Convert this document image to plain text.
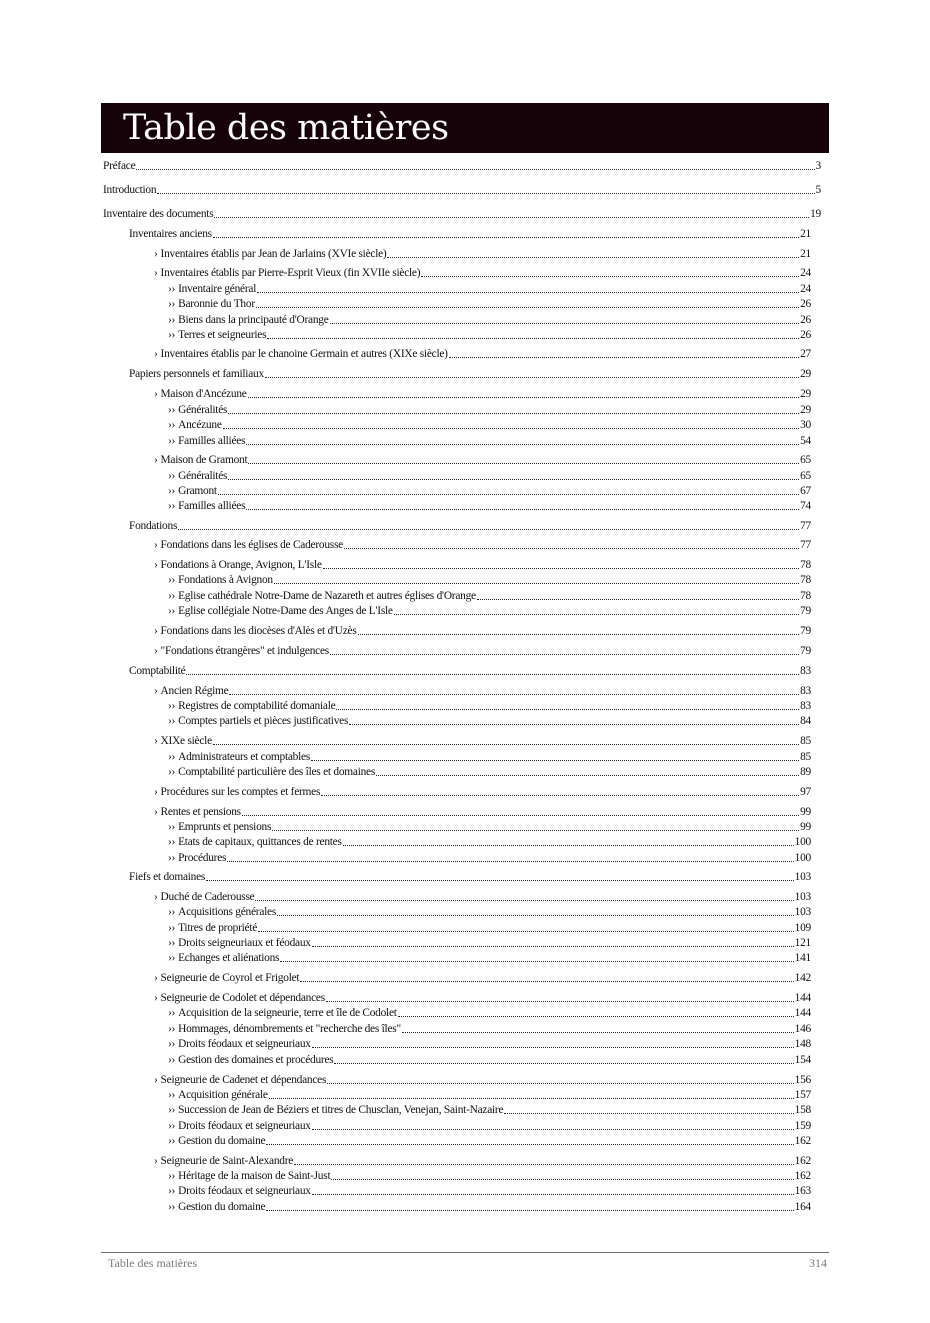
Table des matières
Préface	3
Introduction	5
Inventaire des documents	19
Inventaires anciens	21
› Inventaires établis par Jean de Jarlains (XVIe siècle)	21
› Inventaires établis par Pierre-Esprit Vieux (fin XVIIe siècle)	24
›› Inventaire général	24
›› Baronnie du Thor	26
›› Biens dans la principauté d'Orange	26
›› Terres et seigneuries	26
› Inventaires établis par le chanoine Germain et autres (XIXe siècle)	27
Papiers personnels et familiaux	29
› Maison d'Ancézune	29
›› Généralités	29
›› Ancézune	30
›› Familles alliées	54
› Maison de Gramont	65
›› Généralités	65
›› Gramont	67
›› Familles alliées	74
Fondations	77
› Fondations dans les églises de Caderousse	77
› Fondations à Orange, Avignon, L'Isle	78
›› Fondations à Avignon	78
›› Eglise cathédrale Notre-Dame de Nazareth et autres églises d'Orange	78
›› Eglise collégiale Notre-Dame des Anges de L'Isle	79
› Fondations dans les diocèses d'Alès et d'Uzès	79
› "Fondations étrangères" et indulgences	79
Comptabilité	83
› Ancien Régime	83
›› Registres de comptabilité domaniale	83
›› Comptes partiels et pièces justificatives	84
› XIXe siècle	85
›› Administrateurs et comptables	85
›› Comptabilité particulière des îles et domaines	89
› Procédures sur les comptes et fermes	97
› Rentes et pensions	99
›› Emprunts et pensions	99
›› Etats de capitaux, quittances de rentes	100
›› Procédures	100
Fiefs et domaines	103
› Duché de Caderousse	103
›› Acquisitions générales	103
›› Titres de propriété	109
›› Droits seigneuriaux et féodaux	121
›› Echanges et aliénations	141
› Seigneurie de Coyrol et Frigolet	142
› Seigneurie de Codolet et dépendances	144
›› Acquisition de la seigneurie, terre et île de Codolet	144
›› Hommages, dénombrements et "recherche des îles"	146
›› Droits féodaux et seigneuriaux	148
›› Gestion des domaines et procédures	154
› Seigneurie de Cadenet et dépendances	156
›› Acquisition générale	157
›› Succession de Jean de Béziers et titres de Chusclan, Venejan, Saint-Nazaire	158
›› Droits féodaux et seigneuriaux	159
›› Gestion du domaine	162
› Seigneurie de Saint-Alexandre	162
›› Héritage de la maison de Saint-Just	162
›› Droits féodaux et seigneuriaux	163
›› Gestion du domaine	164
Table des matières	314
